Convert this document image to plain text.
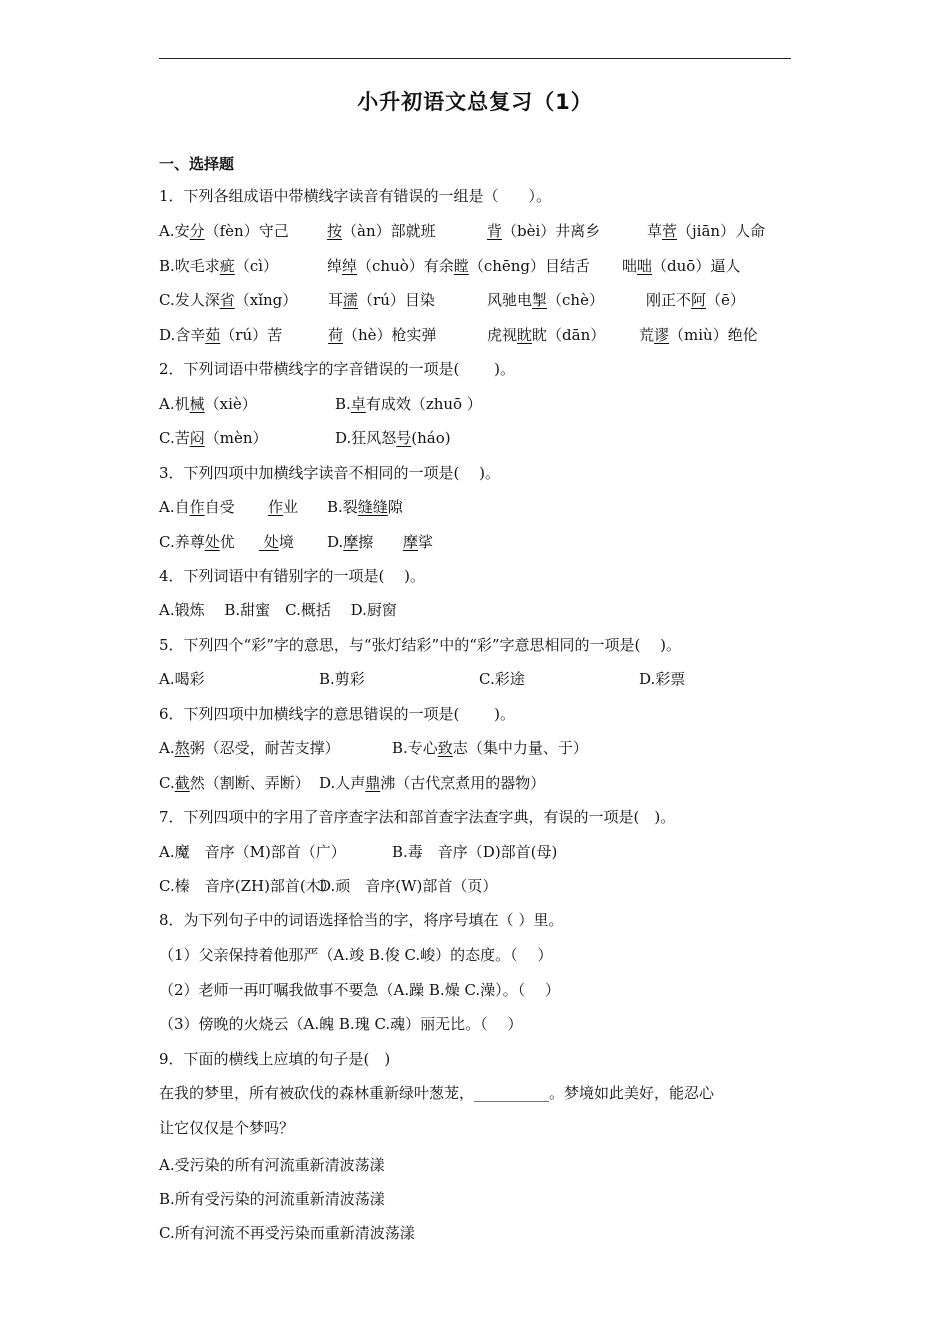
小升初语文总复习（1）
一、选择题
1．下列各组成语中带横线字读音有错误的一组是（　　）。
A.安分（fèn）守己	按（àn）部就班	背（bèi）井离乡	草菅（jiān）人命
B.吹毛求疵（cì）	绰绰（chuò）有余瞠（chēng）目结舌 咄咄（duō）逼人
C.发人深省（xǐng） 耳濡（rú）目染	风驰电掣（chè）	刚正不阿（ē）
D.含辛茹（rú）苦	荷（hè）枪实弹	虎视眈眈（dān） 荒谬（miù）绝伦
2．下列词语中带横线字的字音错误的一项是(　　 )。
A.机械（xiè）	B.卓有成效（zhuō ）
C.苦闷（mèn）	D.狂风怒号(háo)
3．下列四项中加横线字读音不相同的一项是(　 )。
A.自作自受 作业 B.裂缝缝隙
C.养尊处优 处境 D.摩擦 摩挲
4．下列词语中有错别字的一项是(　 )。
A.锻炼　 B.甜蜜　C.概括　 D.厨窗
5．下列四个“彩”字的意思，与“张灯结彩”中的“彩”字意思相同的一项是(　 )。
A.喝彩	B.剪彩	C.彩途	D.彩票
6．下列四项中加横线字的意思错误的一项是(　　 )。
A.熬粥（忍受，耐苦支撑）	B.专心致志（集中力量、于）
C.截然（割断、弄断） D.人声鼎沸（古代烹煮用的器物）
7．下列四项中的字用了音序查字法和部首查字法查字典，有误的一项是(　)。
A.魔　音序（M)部首（广）	B.毒　音序（D)部首(母)
C.榛　音序(ZH)部首(木）
D.顽　音序(W)部首（页）
8．为下列句子中的词语选择恰当的字，将序号填在（ ）里。
（1）父亲保持着他那严（A.竣 B.俊 C.峻）的态度。（　 ）
（2）老师一再叮嘱我做事不要急（A.躁 B.燥 C.澡）。（　 ）
（3）傍晚的火烧云（A.魄 B.瑰 C.魂）丽无比。（　 ）
9．下面的横线上应填的句子是(　)
在我的梦里，所有被砍伐的森林重新绿叶葱茏，__________。梦境如此美好，能忍心
让它仅仅是个梦吗？
A.受污染的所有河流重新清波荡漾
B.所有受污染的河流重新清波荡漾
C.所有河流不再受污染而重新清波荡漾
